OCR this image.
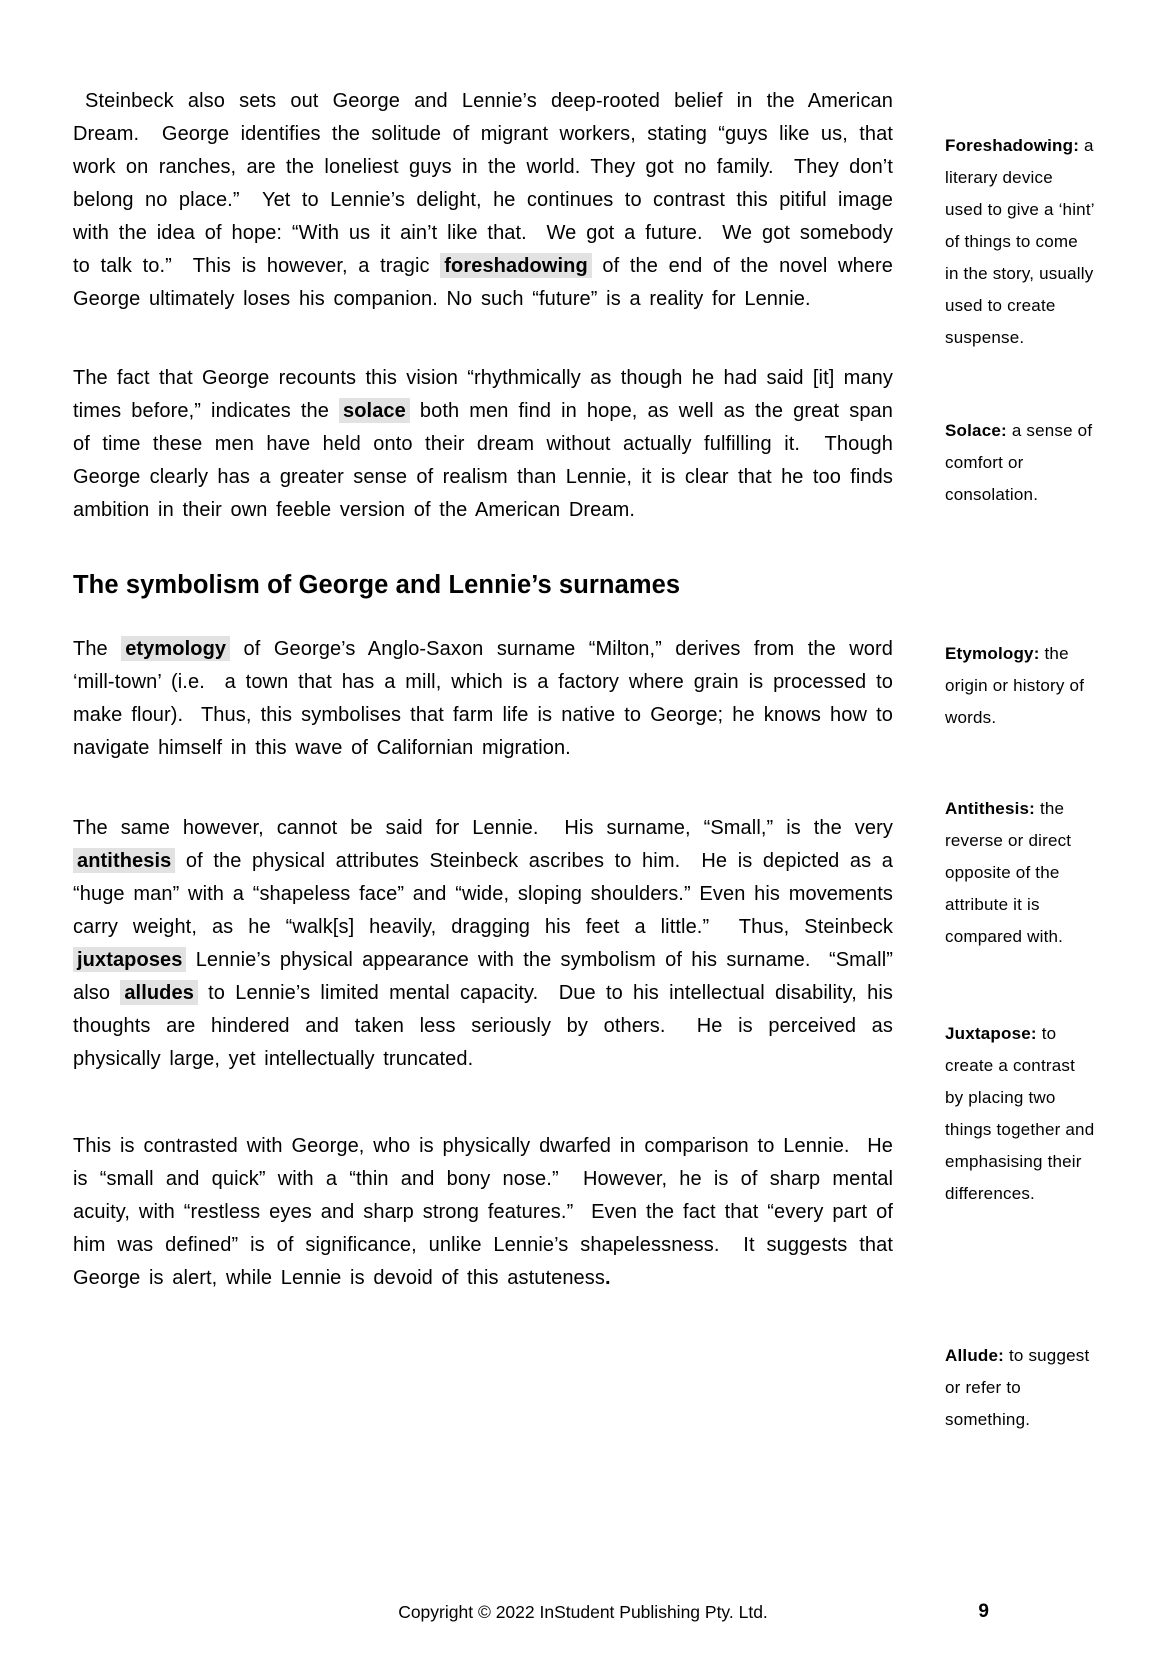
Steinbeck also sets out George and Lennie’s deep-rooted belief in the American Dream.  George identifies the solitude of migrant workers, stating “guys like us, that work on ranches, are the loneliest guys in the world. They got no family.  They don’t belong no place.”  Yet to Lennie’s delight, he continues to contrast this pitiful image with the idea of hope: “With us it ain’t like that.  We got a future.  We got somebody to talk to.”  This is however, a tragic foreshadowing of the end of the novel where George ultimately loses his companion. No such “future” is a reality for Lennie.

The fact that George recounts this vision “rhythmically as though he had said [it] many times before,” indicates the solace both men find in hope, as well as the great span of time these men have held onto their dream without actually fulfilling it.  Though George clearly has a greater sense of realism than Lennie, it is clear that he too finds ambition in their own feeble version of the American Dream.

The symbolism of George and Lennie’s surnames

The etymology of George’s Anglo-Saxon surname “Milton,” derives from the word ‘mill-town’ (i.e.  a town that has a mill, which is a factory where grain is processed to make flour).  Thus, this symbolises that farm life is native to George; he knows how to navigate himself in this wave of Californian migration.

The same however, cannot be said for Lennie.  His surname, “Small,” is the very antithesis of the physical attributes Steinbeck ascribes to him.  He is depicted as a “huge man” with a “shapeless face” and “wide, sloping shoulders.” Even his movements carry weight, as he “walk[s] heavily, dragging his feet a little.”  Thus, Steinbeck juxtaposes Lennie’s physical appearance with the symbolism of his surname.  “Small” also alludes to Lennie’s limited mental capacity.  Due to his intellectual disability, his thoughts are hindered and taken less seriously by others.  He is perceived as physically large, yet intellectually truncated.

This is contrasted with George, who is physically dwarfed in comparison to Lennie.  He is “small and quick” with a “thin and bony nose.”  However, he is of sharp mental acuity, with “restless eyes and sharp strong features.”  Even the fact that “every part of him was defined” is of significance, unlike Lennie’s shapelessness.  It suggests that George is alert, while Lennie is devoid of this astuteness.

Foreshadowing: a literary device used to give a ‘hint’ of things to come in the story, usually used to create suspense.
Solace: a sense of comfort or consolation.
Etymology: the origin or history of words.
Antithesis: the reverse or direct opposite of the attribute it is compared with.
Juxtapose: to create a contrast by placing two things together and emphasising their differences.
Allude: to suggest or refer to something.
Copyright © 2022 InStudent Publishing Pty. Ltd.	9
